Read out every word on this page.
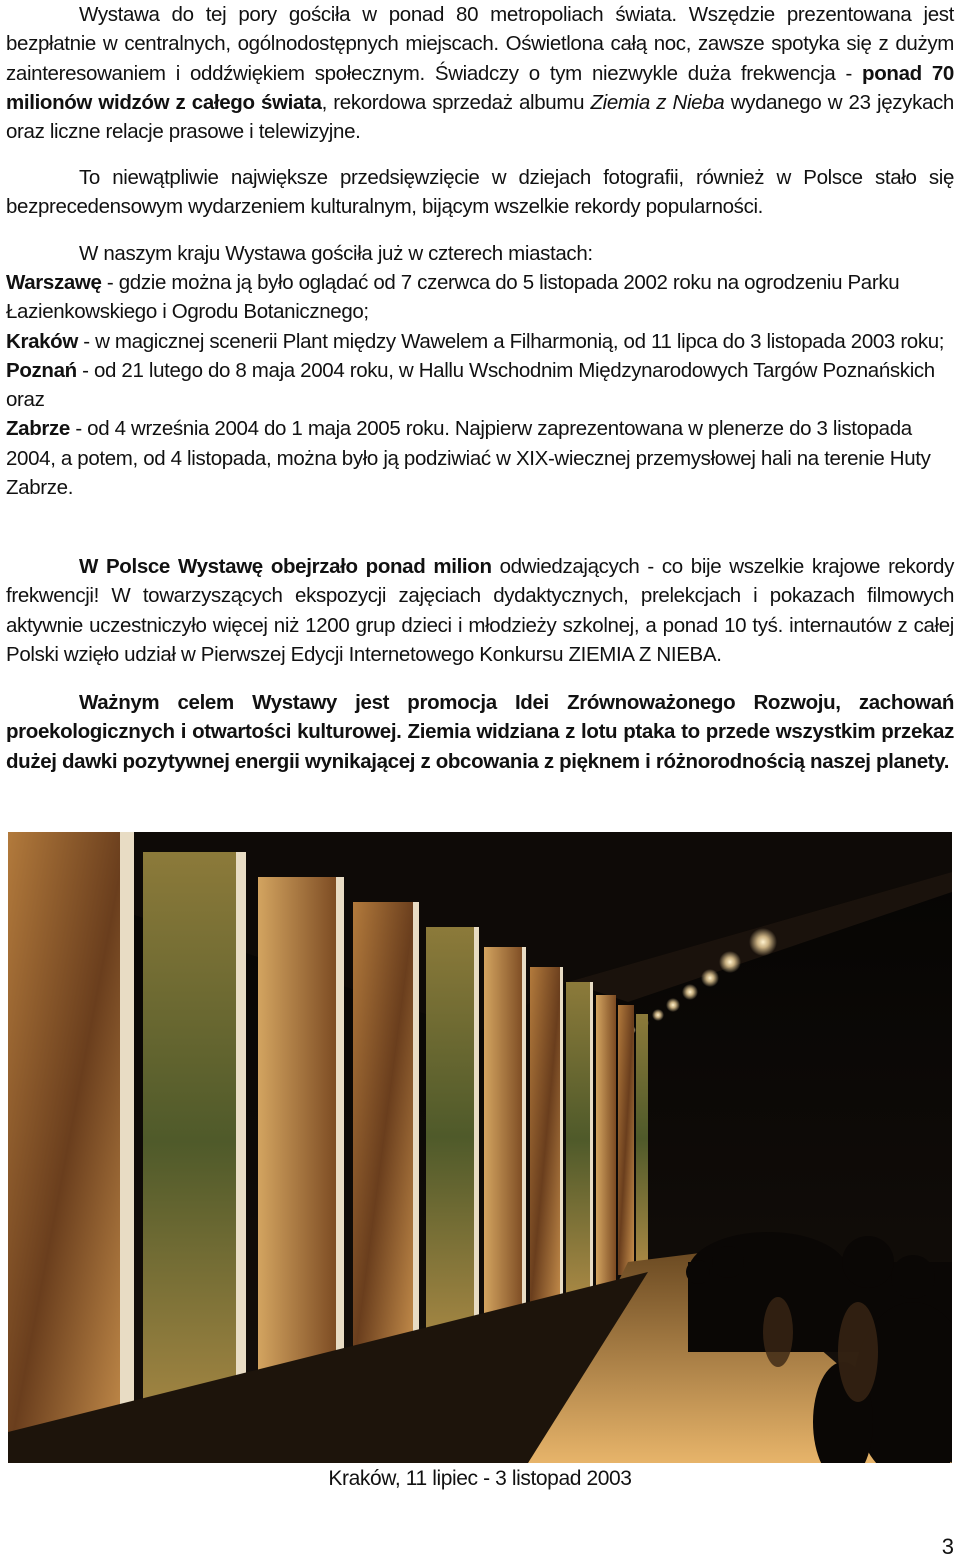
Wystawa do tej pory gościła w ponad 80 metropoliach świata. Wszędzie prezentowana jest bezpłatnie w centralnych, ogólnodostępnych miejscach. Oświetlona całą noc, zawsze spotyka się z dużym zainteresowaniem i oddźwiękiem społecznym. Świadczy o tym niezwykle duża frekwencja - ponad 70 milionów widzów z całego świata, rekordowa sprzedaż albumu Ziemia z Nieba wydanego w 23 językach oraz liczne relacje prasowe i telewizyjne.

To niewątpliwie największe przedsięwzięcie w dziejach fotografii, również w Polsce stało się bezprecedensowym wydarzeniem kulturalnym, bijącym wszelkie rekordy popularności.

W naszym kraju Wystawa gościła już w czterech miastach:

Warszawę - gdzie można ją było oglądać od 7 czerwca do 5 listopada 2002 roku na ogrodzeniu Parku Łazienkowskiego i Ogrodu Botanicznego;

Kraków - w magicznej scenerii Plant między Wawelem a Filharmonią, od 11 lipca do 3 listopada 2003 roku;

Poznań - od 21 lutego do 8 maja 2004 roku, w Hallu Wschodnim Międzynarodowych Targów Poznańskich oraz

Zabrze - od 4 września 2004 do 1 maja 2005 roku. Najpierw zaprezentowana w plenerze do 3 listopada 2004, a potem, od 4 listopada, można było ją podziwiać w XIX-wiecznej przemysłowej hali na terenie Huty Zabrze.

W Polsce Wystawę obejrzało ponad milion odwiedzających - co bije wszelkie krajowe rekordy frekwencji! W towarzyszących ekspozycji zajęciach dydaktycznych, prelekcjach i pokazach filmowych aktywnie uczestniczyło więcej niż 1200 grup dzieci i młodzieży szkolnej, a ponad 10 tyś. internautów z całej Polski wzięło udział w Pierwszej Edycji Internetowego Konkursu ZIEMIA Z NIEBA.

Ważnym celem Wystawy jest promocja Idei Zrównoważonego Rozwoju, zachowań proekologicznych i otwartości kulturowej. Ziemia widziana z lotu ptaka to przede wszystkim przekaz dużej dawki pozytywnej energii wynikającej z obcowania z pięknem i różnorodnością naszej planety.

Kraków, 11 lipiec - 3 listopad 2003
3
